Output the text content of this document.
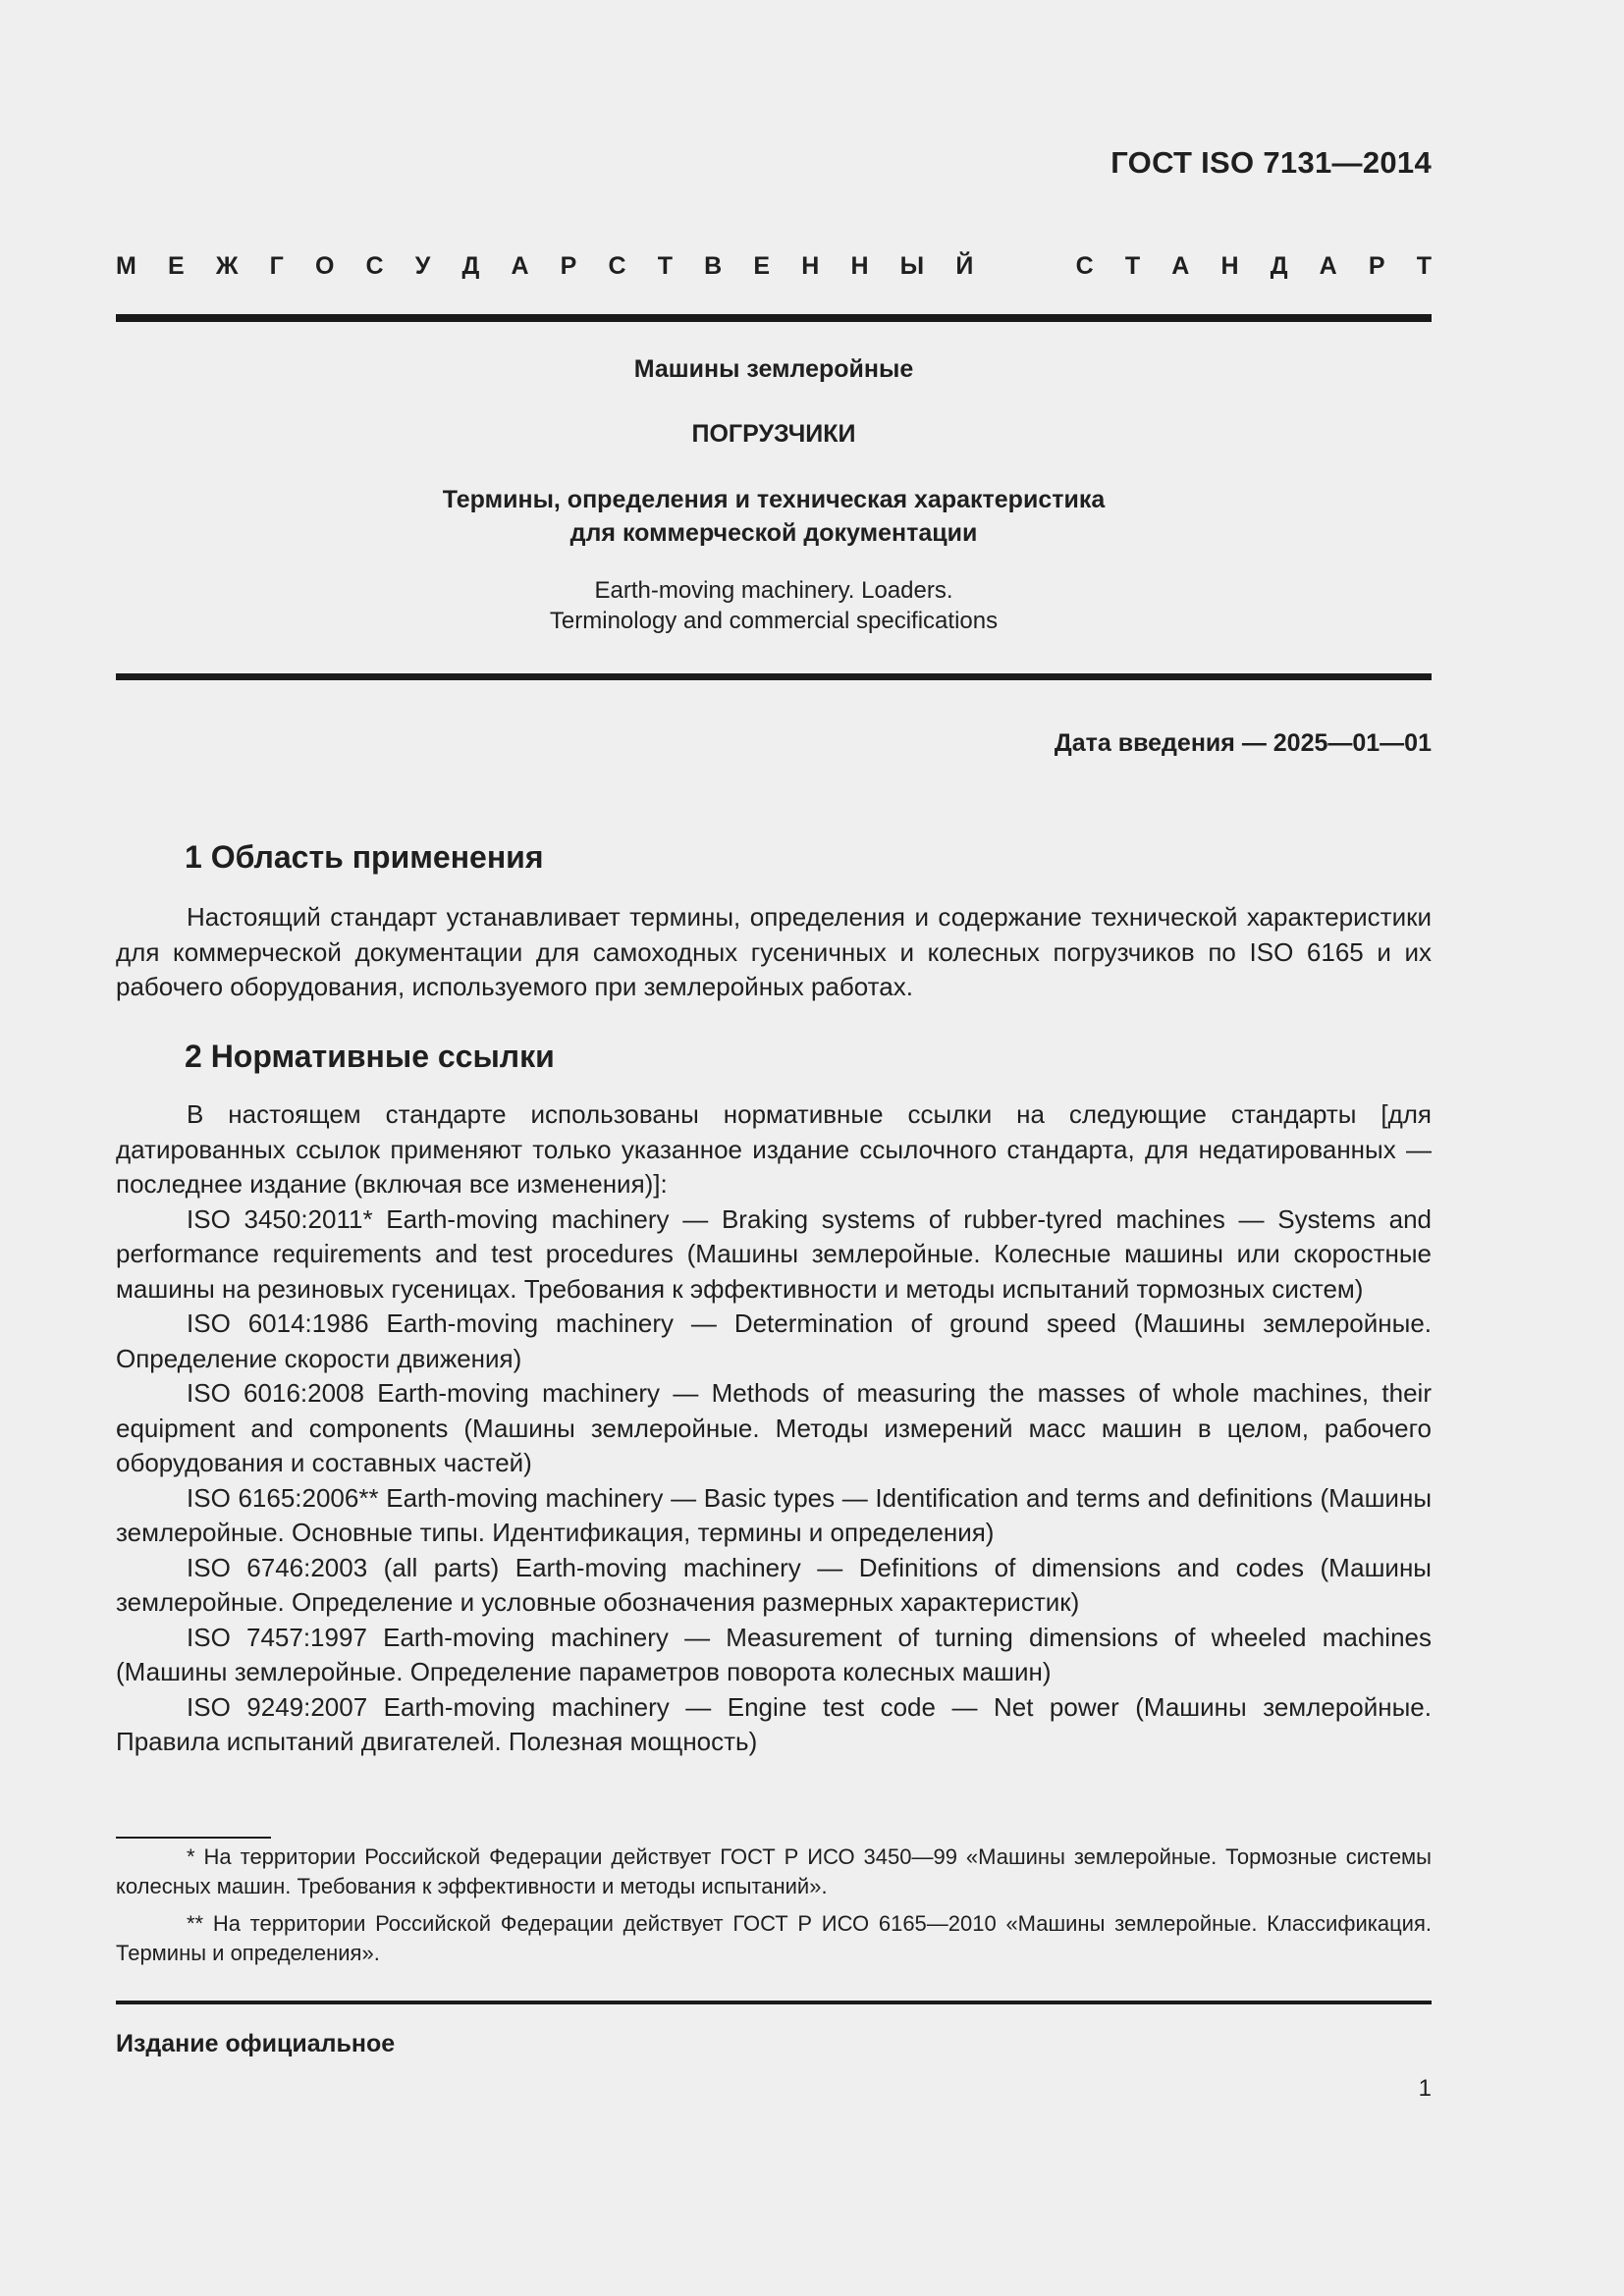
ГОСТ ISO 7131—2014
М Е Ж Г О С У Д А Р С Т В Е Н Н Ы Й	С Т А Н Д А Р Т
Машины землеройные
ПОГРУЗЧИКИ
Термины, определения и техническая характеристика
для коммерческой документации
Earth-moving machinery. Loaders.
Terminology and commercial specifications
Дата введения — 2025—01—01
1 Область применения

Настоящий стандарт устанавливает термины, определения и содержание технической характеристики для коммерческой документации для самоходных гусеничных и колесных погрузчиков по ISO 6165 и их рабочего оборудования, используемого при землеройных работах.

2 Нормативные ссылки

В настоящем стандарте использованы нормативные ссылки на следующие стандарты [для датированных ссылок применяют только указанное издание ссылочного стандарта, для недатированных — последнее издание (включая все изменения)]:

ISO 3450:2011* Earth-moving machinery — Braking systems of rubber-tyred machines — Systems and performance requirements and test procedures (Машины землеройные. Колесные машины или скоростные машины на резиновых гусеницах. Требования к эффективности и методы испытаний тормозных систем)

ISO 6014:1986 Earth-moving machinery — Determination of ground speed (Машины землеройные. Определение скорости движения)

ISO 6016:2008 Earth-moving machinery — Methods of measuring the masses of whole machines, their equipment and components (Машины землеройные. Методы измерений масс машин в целом, рабочего оборудования и составных частей)

ISO 6165:2006** Earth-moving machinery — Basic types — Identification and terms and definitions (Машины землеройные. Основные типы. Идентификация, термины и определения)

ISO 6746:2003 (all parts) Earth-moving machinery — Definitions of dimensions and codes (Машины землеройные. Определение и условные обозначения размерных характеристик)

ISO 7457:1997 Earth-moving machinery — Measurement of turning dimensions of wheeled machines (Машины землеройные. Определение параметров поворота колесных машин)

ISO 9249:2007 Earth-moving machinery — Engine test code — Net power (Машины землеройные. Правила испытаний двигателей. Полезная мощность)

* На территории Российской Федерации действует ГОСТ Р ИСО 3450—99 «Машины землеройные. Тормозные системы колесных машин. Требования к эффективности и методы испытаний».

** На территории Российской Федерации действует ГОСТ Р ИСО 6165—2010 «Машины землеройные. Классификация. Термины и определения».

Издание официальное
1
